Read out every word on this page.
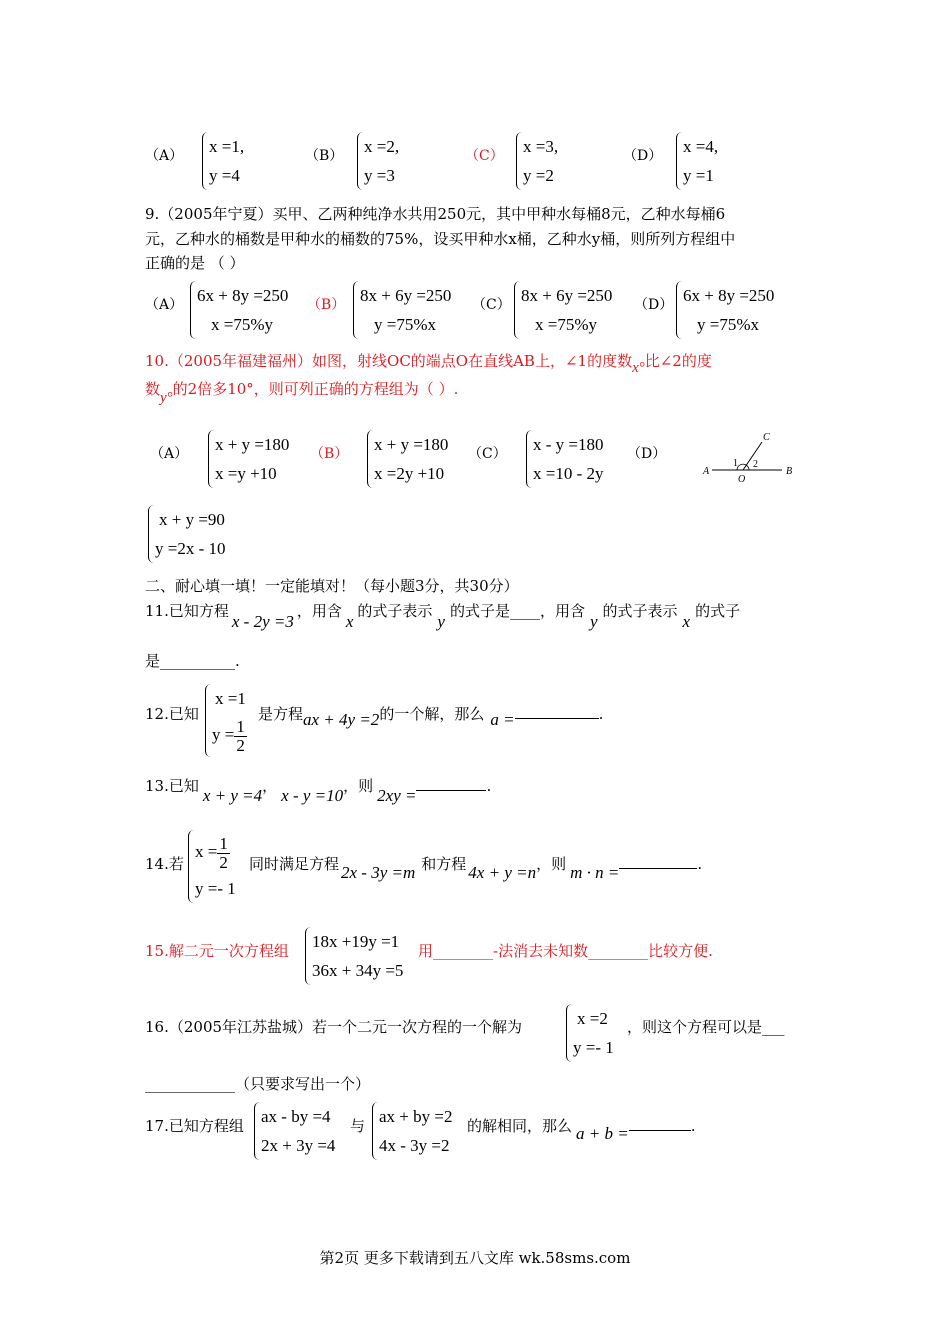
（A） x =1,
y =4
（B） x =2,
y =3
（C） x =3,
y =2
（D） x =4,
y =1
9.（2005年宁夏）买甲、乙两种纯净水共用250元，其中甲种水每桶8元，乙种水每桶6
元，乙种水的桶数是甲种水的桶数的75%，设买甲种水x桶，乙种水y桶，则所列方程组中
正确的是 （ ）
（A） 6x + 8y =250
x =75%y
（B） 8x + 6y =250
y =75%x
（C） 8x + 6y =250
x =75%y
（D） 6x + 8y =250
y =75%x
10.（2005年福建福州）如图，射线OC的端点O在直线AB上，∠1的度数x°比∠2的度
数y°的2倍多10°，则可列正确的方程组为（ ）.
（A） x + y =180
x =y +10
（B） x + y =180
x =2y +10
（C） x - y =180
x =10 - 2y
（D）
x + y =90
y =2x - 10
A
O
B
C
1 2
二、耐心填一填！一定能填对！（每小题3分，共30分）
11.已知方程x - 2y =3，用含x的式子表示y的式子是____，用含y的式子表示x的式子
是__________.
12.已知
x =1
$y = \frac{1}{2}$
是方程ax + 4y =2的一个解，那么 a =	.
13.已知 x + y =4， x - y =10，则 2xy =	.
14.若
$x = \frac{1}{2}$
y =- 1
同时满足方程 2x - 3y =m 和方程 4x + y =n，则 m · n =	.
15.解二元一次方程组 18x +19y =1
36x + 34y =5
用________-法消去未知数________比较方便.
16.（2005年江苏盐城）若一个二元一次方程的一个解为	x =2
y =- 1
，则这个方程可以是___
____________（只要求写出一个）
17.已知方程组 ax - by =4
2x + 3y =4
与 ax + by =2
4x - 3y =2
的解相同，那么 a + b =	.
第2页 更多下载请到五八文库 wk.58sms.com
